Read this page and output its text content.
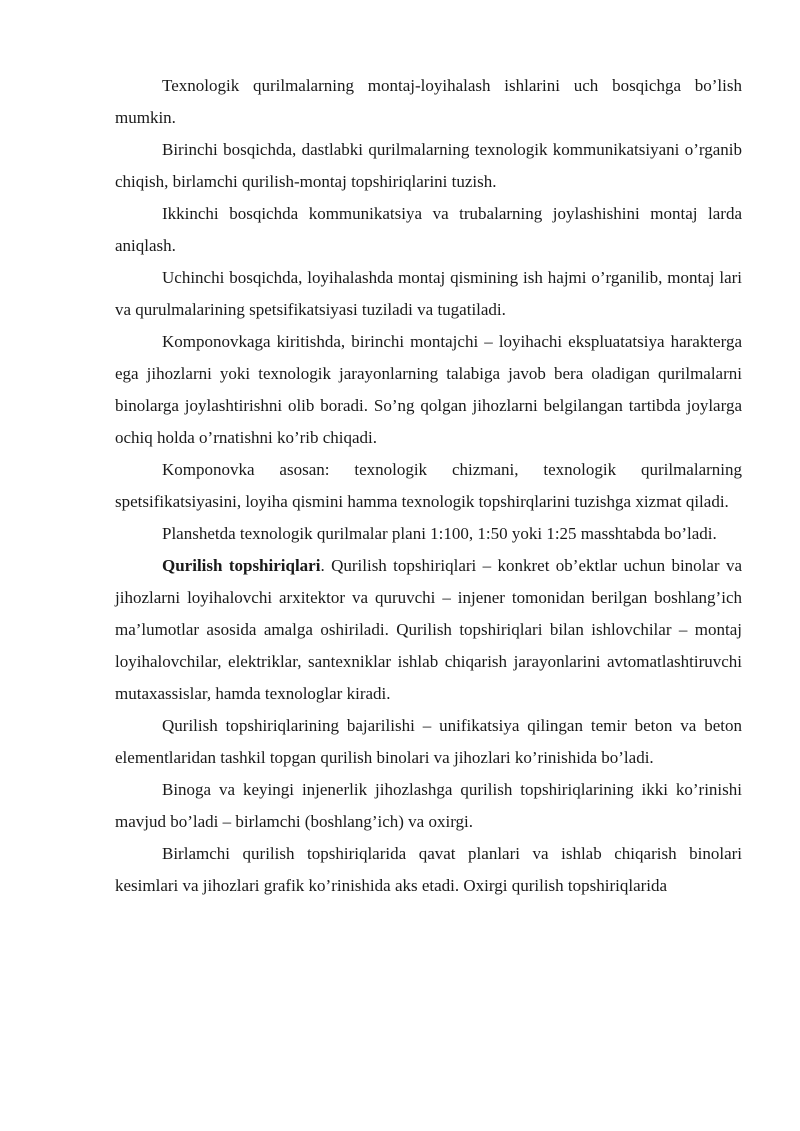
Texnologik qurilmalarning montaj-loyihalash ishlarini uch bosqichga bo’lish mumkin.

Birinchi bosqichda, dastlabki qurilmalarning texnologik kommunikatsiyani o’rganib chiqish, birlamchi qurilish-montaj topshiriqlarini tuzish.

Ikkinchi bosqichda kommunikatsiya va trubalarning joylashishini montaj larda aniqlash.

Uchinchi bosqichda, loyihalashda montaj qismining ish hajmi o’rganilib, montaj lari va qurulmalarining spetsifikatsiyasi tuziladi va tugatiladi.

Komponovkaga kiritishda, birinchi montajchi – loyihachi ekspluatatsiya harakterga ega jihozlarni yoki texnologik jarayonlarning talabiga javob bera oladigan qurilmalarni binolarga joylashtirishni olib boradi. So’ng qolgan jihozlarni belgilangan tartibda joylarga ochiq holda o’rnatishni ko’rib chiqadi.

Komponovka asosan: texnologik chizmani, texnologik qurilmalarning spetsifikatsiyasini, loyiha qismini hamma texnologik topshirqlarini tuzishga xizmat qiladi.

Planshetda texnologik qurilmalar plani 1:100, 1:50 yoki 1:25 masshtabda bo’ladi.

Qurilish topshiriqlari. Qurilish topshiriqlari – konkret ob’ektlar uchun binolar va jihozlarni loyihalovchi arxitektor va quruvchi – injener tomonidan berilgan boshlang’ich ma’lumotlar asosida amalga oshiriladi. Qurilish topshiriqlari bilan ishlovchilar – montaj loyihalovchilar, elektriklar, santexniklar ishlab chiqarish jarayonlarini avtomatlashtiruvchi mutaxassislar, hamda texnologlar kiradi.

Qurilish topshiriqlarining bajarilishi – unifikatsiya qilingan temir beton va beton elementlaridan tashkil topgan qurilish binolari va jihozlari ko’rinishida bo’ladi.

Binoga va keyingi injenerlik jihozlashga qurilish topshiriqlarining ikki ko’rinishi mavjud bo’ladi – birlamchi (boshlang’ich) va oxirgi.

Birlamchi qurilish topshiriqlarida qavat planlari va ishlab chiqarish binolari kesimlari va jihozlari grafik ko’rinishida aks etadi. Oxirgi qurilish topshiriqlarida
